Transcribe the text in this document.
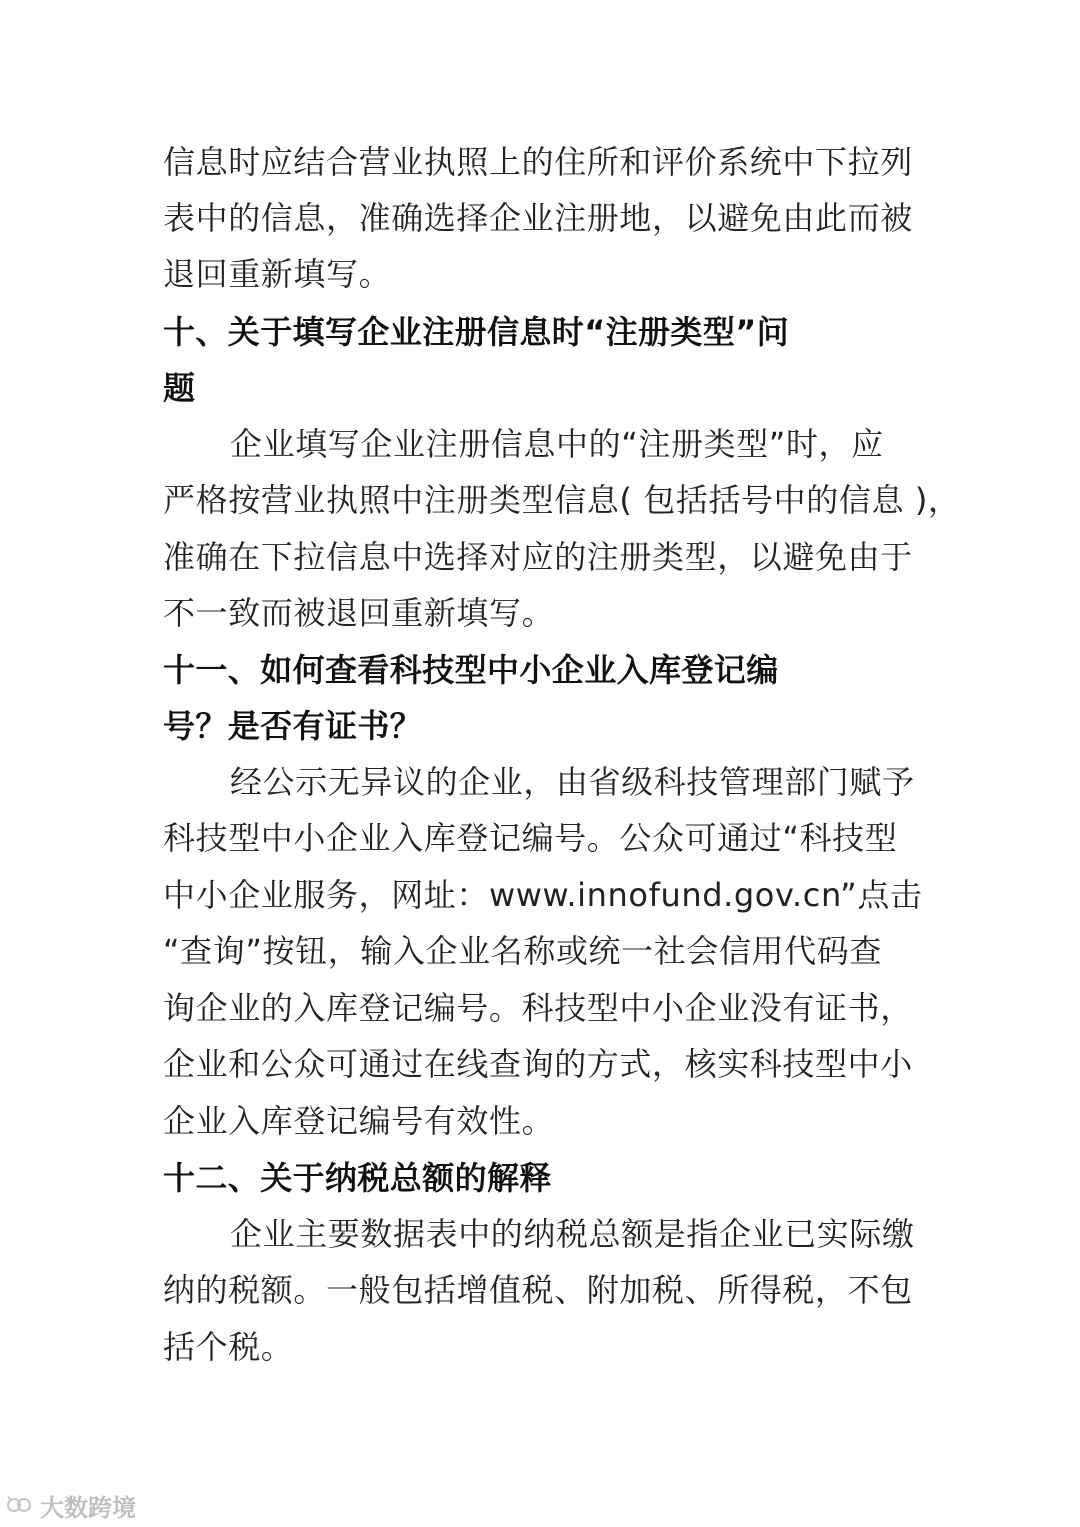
信息时应结合营业执照上的住所和评价系统中下拉列
表中的信息，准确选择企业注册地，以避免由此而被
退回重新填写。
十、关于填写企业注册信息时“注册类型”问
题
企业填写企业注册信息中的“注册类型”时，应
严格按营业执照中注册类型信息( 包括括号中的信息 )，
准确在下拉信息中选择对应的注册类型，以避免由于
不一致而被退回重新填写。
十一、如何查看科技型中小企业入库登记编
号？是否有证书？
经公示无异议的企业，由省级科技管理部门赋予
科技型中小企业入库登记编号。公众可通过“科技型
中小企业服务，网址：www.innofund.gov.cn”点击
“查询”按钮，输入企业名称或统一社会信用代码查
询企业的入库登记编号。科技型中小企业没有证书，
企业和公众可通过在线查询的方式，核实科技型中小
企业入库登记编号有效性。
十二、关于纳税总额的解释
企业主要数据表中的纳税总额是指企业已实际缴
纳的税额。一般包括增值税、附加税、所得税，不包
括个税。
大数跨境
